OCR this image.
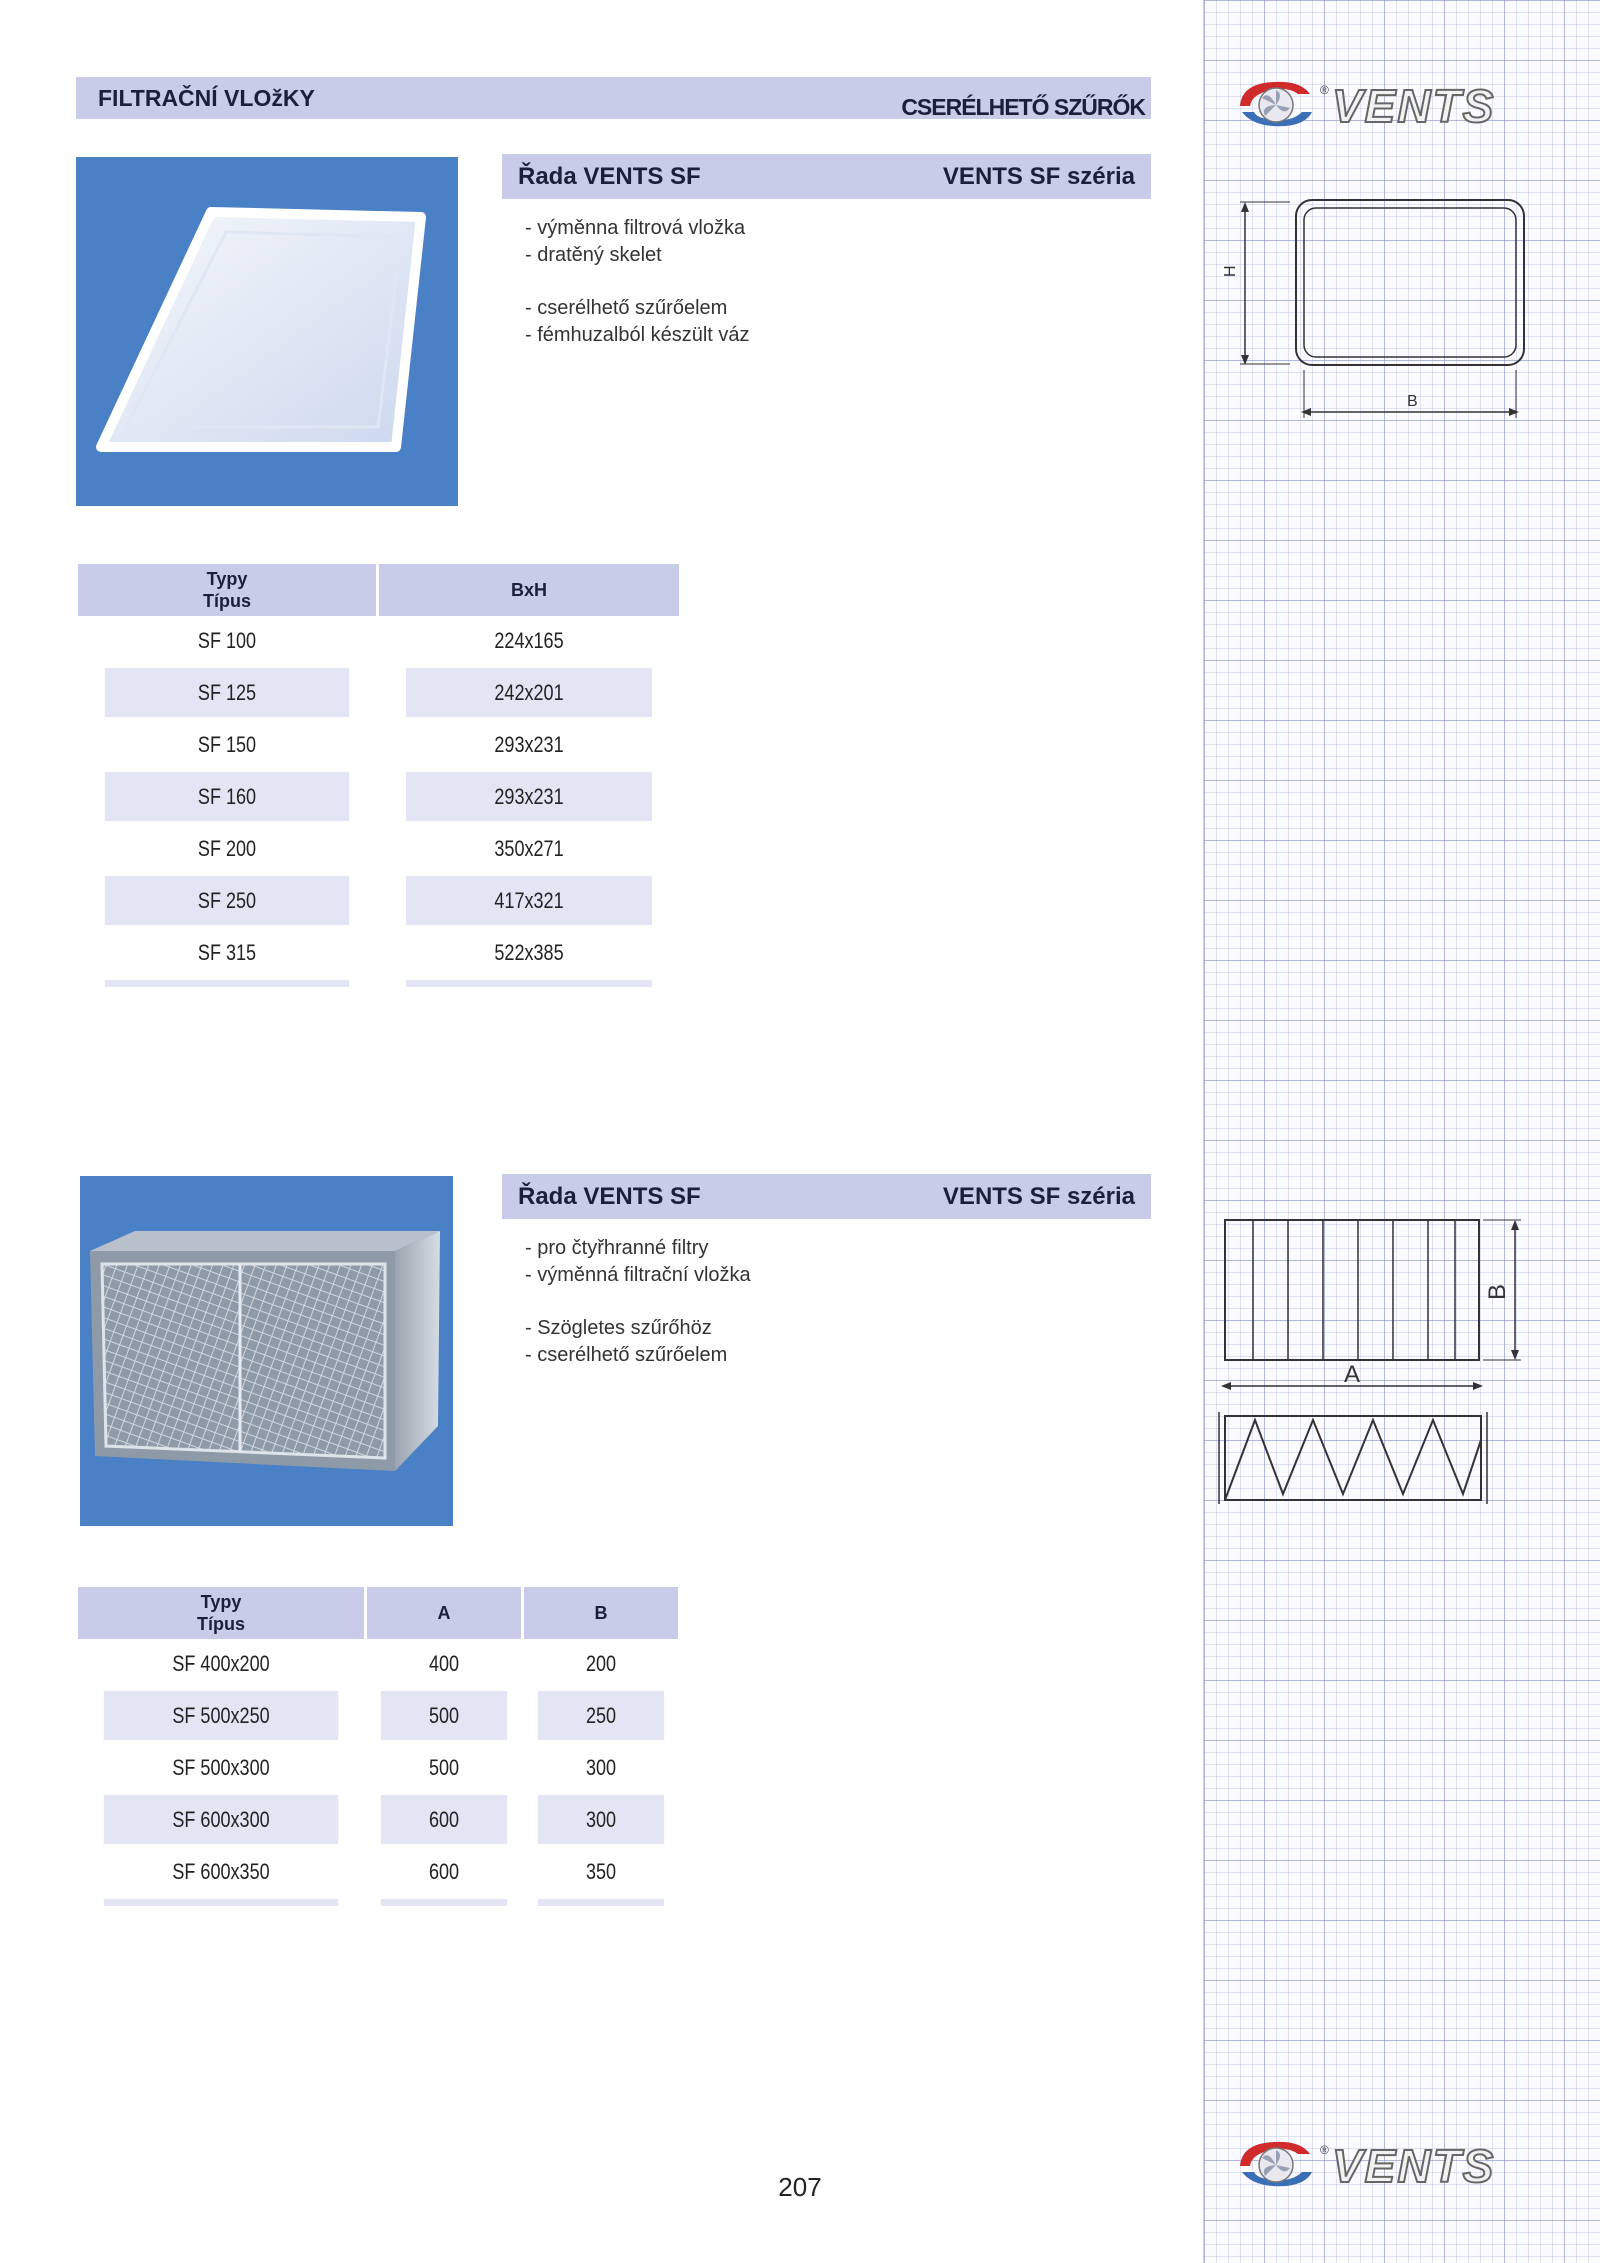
® VENTS
® VENTS
FILTRAČNÍ VLOžKY	CSERÉLHETŐ SZŰRŐK
Řada VENTS SF	VENTS SF széria
- výměnna filtrová vložka
- dratěný skelet
- cserélhető szűrőelem
- fémhuzalból készült váz
Typy
Típus	BxH
SF 100	224x165
SF 125	242x201
SF 150	293x231
SF 160	293x231
SF 200	350x271
SF 250	417x321
SF 315	522x385

H
B
Řada VENTS SF	VENTS SF széria
- pro čtyřhranné filtry
- výměnná filtrační vložka
- Szögletes szűrőhöz
- cserélhető szűrőelem
Typy
Típus	A	B
SF 400x200	400	200
SF 500x250	500	250
SF 500x300	500	300
SF 600x300	600	300
SF 600x350	600	350

B
A
207
